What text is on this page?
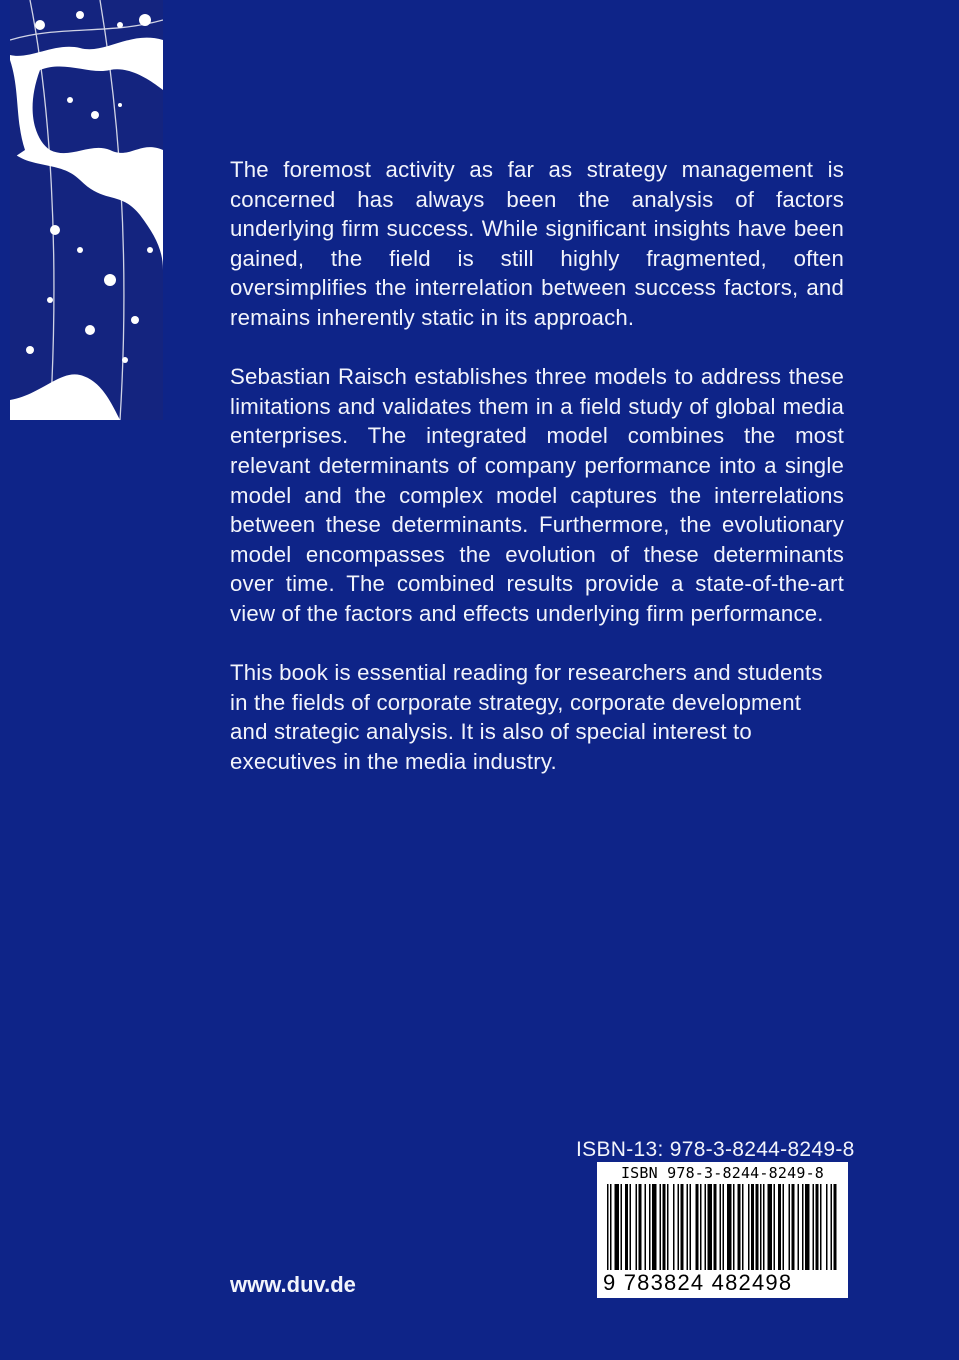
The foremost activity as far as strategy management is concerned has always been the analysis of factors underlying firm success. While significant insights have been gained, the field is still highly fragmented, often oversimplifies the interrelation between success factors, and remains inherently static in its approach.

Sebastian Raisch establishes three models to address these limitations and validates them in a field study of global media enterprises. The integrated model combines the most relevant determinants of company performance into a single model and the complex model captures the interrelations between these determinants. Furthermore, the evolutionary model encompasses the evolution of these determinants over time. The combined results provide a state-of-the-art view of the factors and effects underlying firm performance.

This book is essential reading for researchers and students in the fields of corporate strategy, corporate development and strategic analysis. It is also of special interest to executives in the media industry.

ISBN-13: 978-3-8244-8249-8
ISBN 978-3-8244-8249-8
9 783824 482498
www.duv.de
